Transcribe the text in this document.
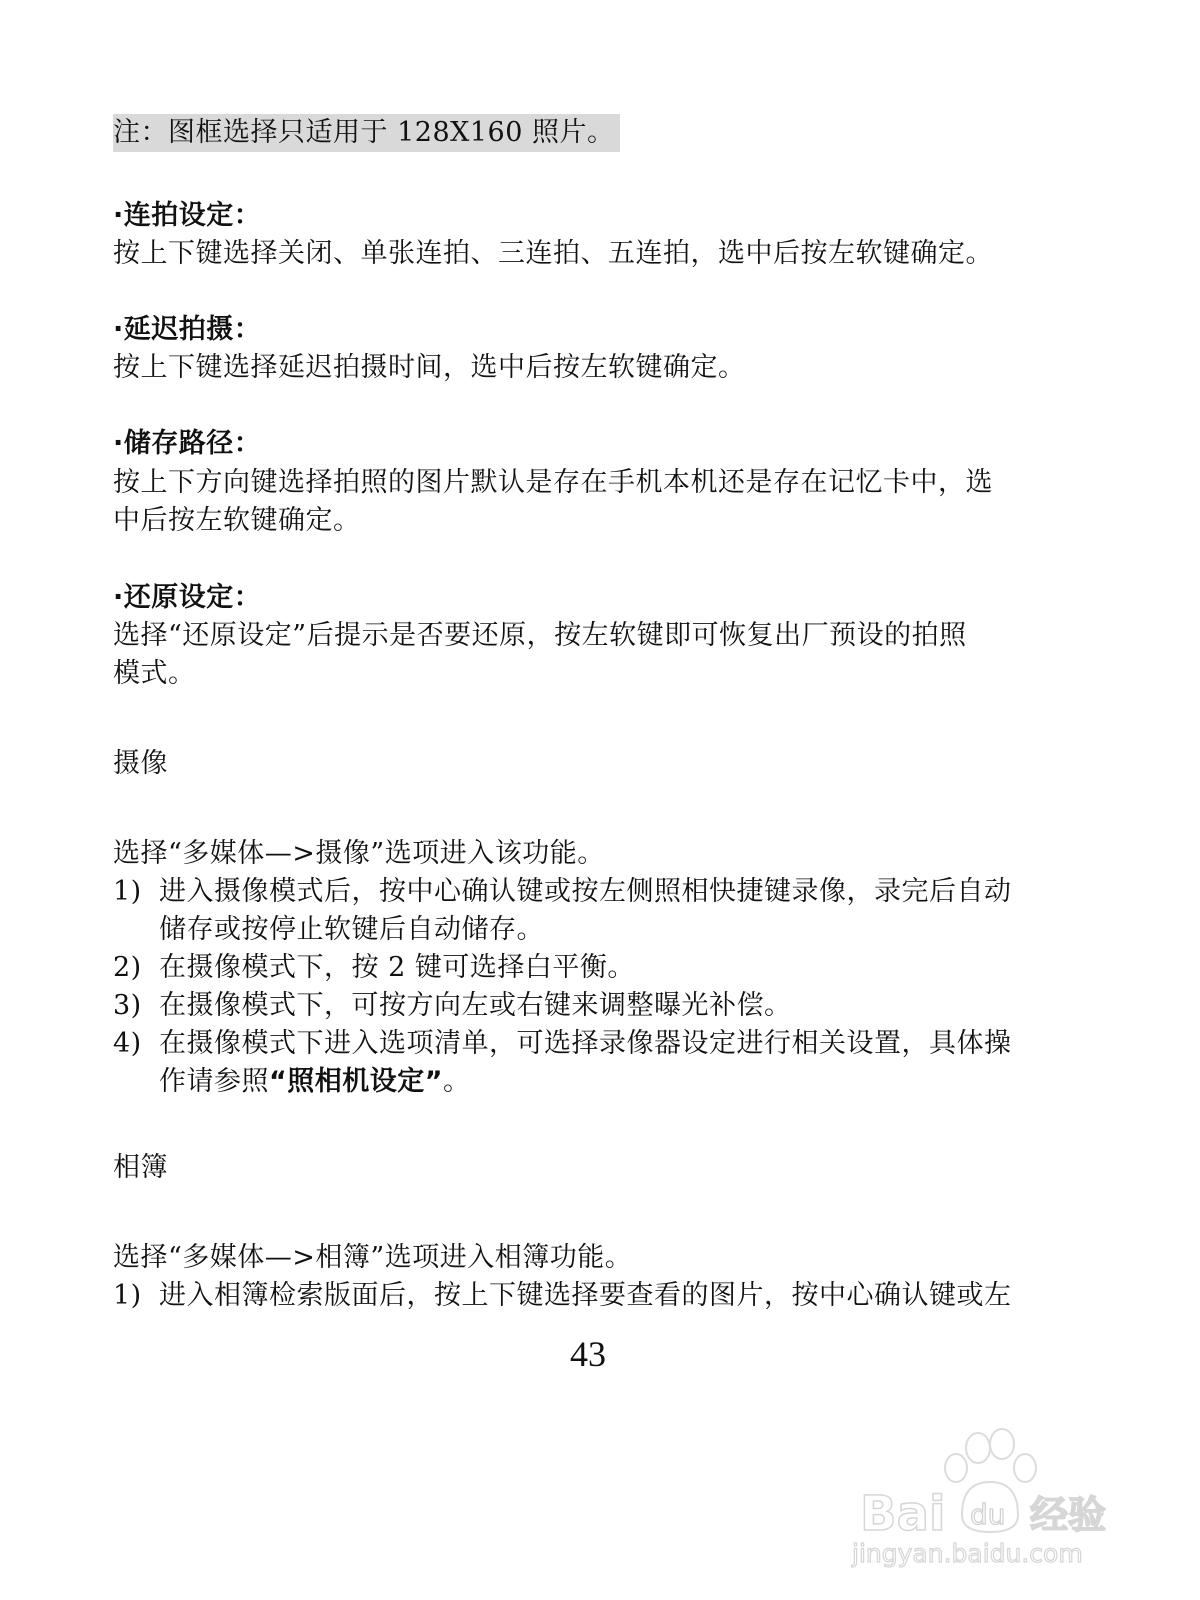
注：图框选择只适用于 128X160 照片。
·连拍设定：
按上下键选择关闭、单张连拍、三连拍、五连拍，选中后按左软键确定。
·延迟拍摄：
按上下键选择延迟拍摄时间，选中后按左软键确定。
·储存路径：
按上下方向键选择拍照的图片默认是存在手机本机还是存在记忆卡中，选
中后按左软键确定。
·还原设定：
选择“还原设定”后提示是否要还原，按左软键即可恢复出厂预设的拍照
模式。
摄像
选择“多媒体—>摄像”选项进入该功能。
1) 进入摄像模式后，按中心确认键或按左侧照相快捷键录像，录完后自动
储存或按停止软键后自动储存。
2) 在摄像模式下，按 2 键可选择白平衡。
3) 在摄像模式下，可按方向左或右键来调整曝光补偿。
4) 在摄像模式下进入选项清单，可选择录像器设定进行相关设置，具体操
作请参照“照相机设定”。
相簿
选择“多媒体—>相簿”选项进入相簿功能。
1) 进入相簿检索版面后，按上下键选择要查看的图片，按中心确认键或左
43
Bai du 经验
jingyan.baidu.com
